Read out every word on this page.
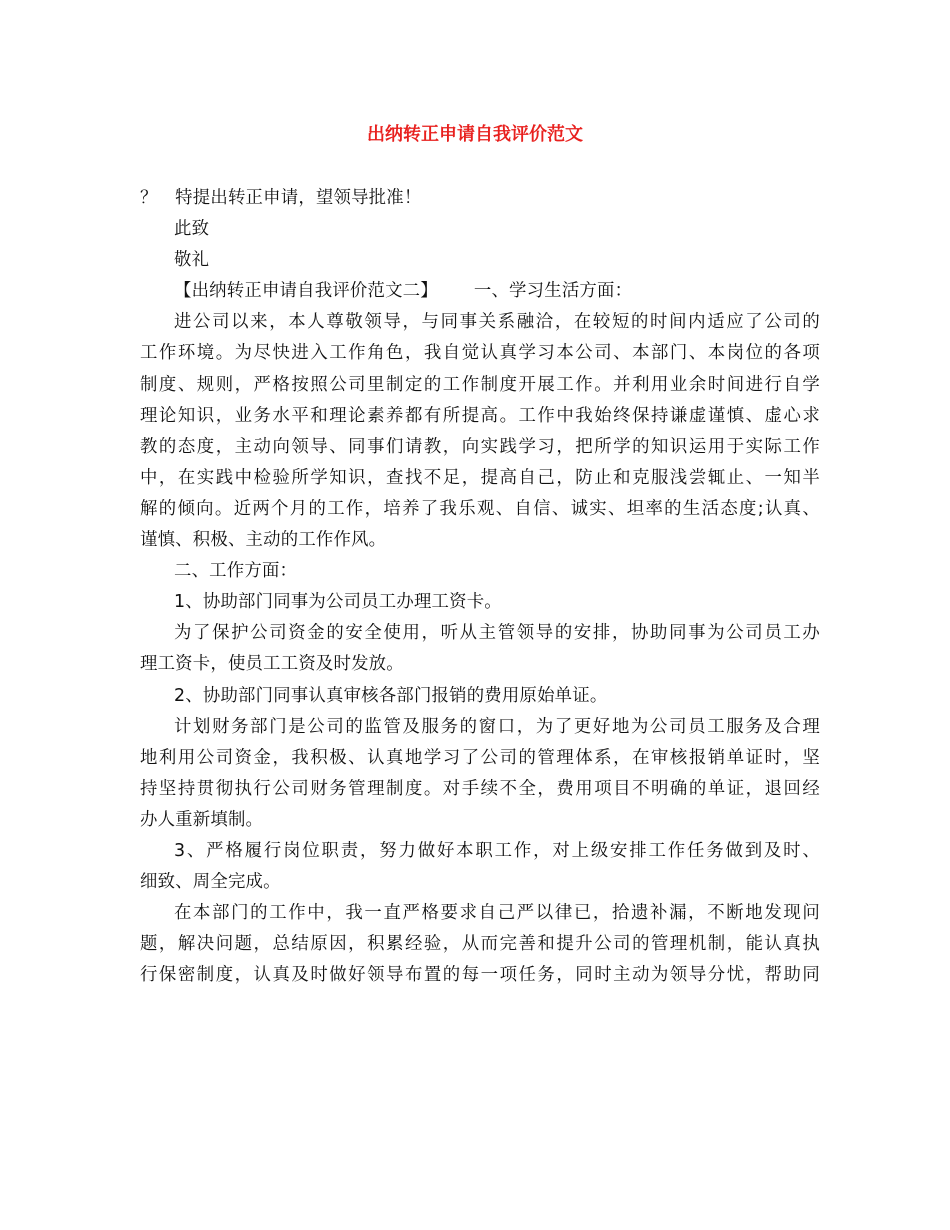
出纳转正申请自我评价范文
？　特提出转正申请，望领导批准！
此致
敬礼
【出纳转正申请自我评价范文二】 一、学习生活方面：
进公司以来，本人尊敬领导，与同事关系融洽，在较短的时间内适应了公司的
工作环境。为尽快进入工作角色，我自觉认真学习本公司、本部门、本岗位的各项
制度、规则，严格按照公司里制定的工作制度开展工作。并利用业余时间进行自学
理论知识，业务水平和理论素养都有所提高。工作中我始终保持谦虚谨慎、虚心求
教的态度，主动向领导、同事们请教，向实践学习，把所学的知识运用于实际工作
中，在实践中检验所学知识，查找不足，提高自己，防止和克服浅尝辄止、一知半
解的倾向。近两个月的工作，培养了我乐观、自信、诚实、坦率的生活态度;认真、
谨慎、积极、主动的工作作风。
二、工作方面：
1、协助部门同事为公司员工办理工资卡。
为了保护公司资金的安全使用，听从主管领导的安排，协助同事为公司员工办
理工资卡，使员工工资及时发放。
2、协助部门同事认真审核各部门报销的费用原始单证。
计划财务部门是公司的监管及服务的窗口，为了更好地为公司员工服务及合理
地利用公司资金，我积极、认真地学习了公司的管理体系，在审核报销单证时，坚
持坚持贯彻执行公司财务管理制度。对手续不全，费用项目不明确的单证，退回经
办人重新填制。
3、严格履行岗位职责，努力做好本职工作，对上级安排工作任务做到及时、
细致、周全完成。
在本部门的工作中，我一直严格要求自己严以律已，拾遗补漏，不断地发现问
题，解决问题，总结原因，积累经验，从而完善和提升公司的管理机制，能认真执
行保密制度，认真及时做好领导布置的每一项任务，同时主动为领导分忧，帮助同
